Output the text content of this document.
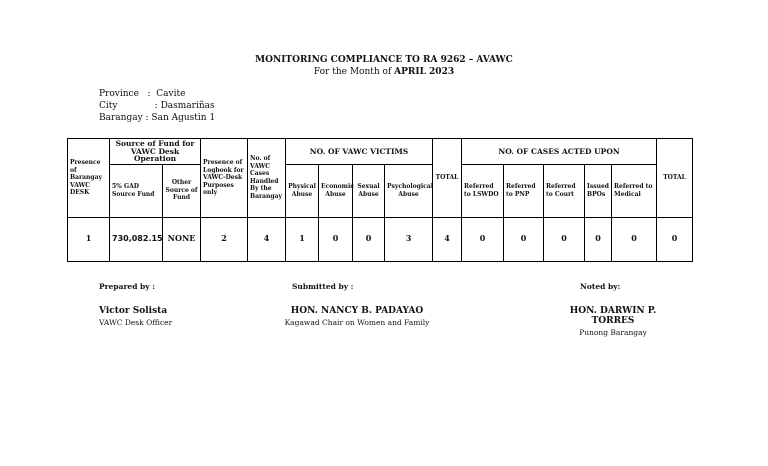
MONITORING COMPLIANCE TO RA 9262 – AVAWC
For the Month of APRIL 2023
Province   :  Cavite
City             : Dasmariñas
Barangay : San Agustin 1
Presence of Barangay VAWC DESK	Source of Fund for VAWC Desk Operation		Presence of Logbook for VAWC-Desk Purposes only	No. of VAWC Cases Handled By the Barangay	NO. OF VAWC VICTIMS				TOTAL	NO. OF CASES ACTED UPON					TOTAL
	5% GAD Source Fund	Other Source of Fund			Physical Abuse	Economic Abuse	Sexual Abuse	Psychological Abuse		Referred to LSWDO	Referred to PNP	Referred to Court	Issued BPOs	Referred to Medical	
1	730,082.15	NONE	2	4	1	0	0	3	4	0	0	0	0	0	0
Prepared by :
Victor Solista
VAWC Desk Officer
Submitted by :
HON. NANCY B. PADAYAO
Kagawad Chair on Women and Family
Noted by:
HON. DARWIN P. TORRES
Punong Barangay
